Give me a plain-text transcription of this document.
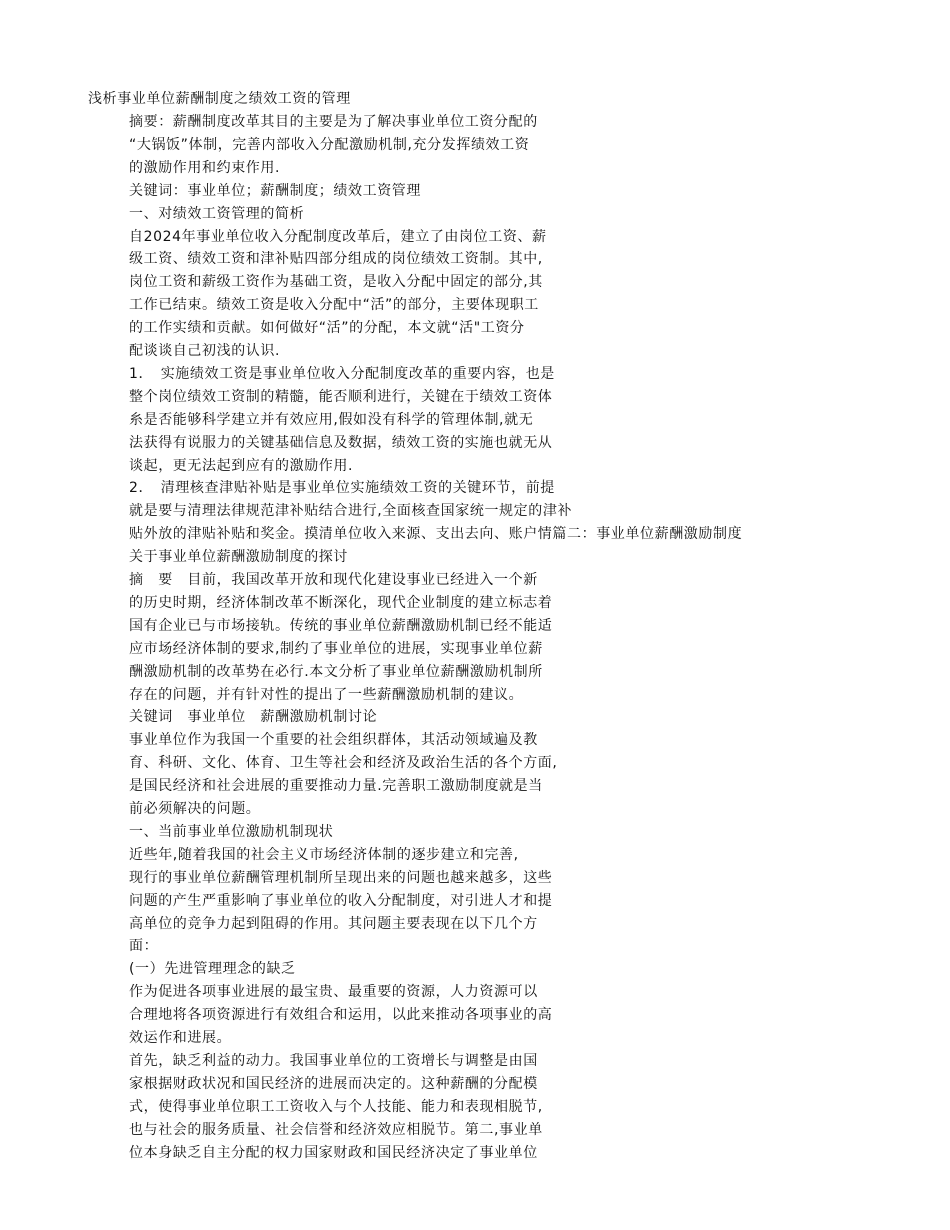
浅析事业单位薪酬制度之绩效工资的管理
摘要：薪酬制度改革其目的主要是为了解决事业单位工资分配的
“大锅饭”体制，完善内部收入分配激励机制,充分发挥绩效工资
的激励作用和约束作用.
关键词：事业单位；薪酬制度；绩效工资管理
一、对绩效工资管理的简析
自2024年事业单位收入分配制度改革后，建立了由岗位工资、薪
级工资、绩效工资和津补贴四部分组成的岗位绩效工资制。其中,
岗位工资和薪级工资作为基础工资，是收入分配中固定的部分,其
工作已结束。绩效工资是收入分配中“活”的部分，主要体现职工
的工作实绩和贡献。如何做好“活”的分配，本文就“活"工资分
配谈谈自己初浅的认识.
1．　实施绩效工资是事业单位收入分配制度改革的重要内容，也是
整个岗位绩效工资制的精髓，能否顺利进行，关键在于绩效工资体
糸是否能够科学建立并有效应用,假如没有科学的管理体制,就无
法获得有说服力的关键基础信息及数据，绩效工资的实施也就无从
谈起，更无法起到应有的激励作用.
2．　清理核查津贴补贴是事业单位实施绩效工资的关键环节，前提
就是要与清理法律规范津补贴结合进行,全面核查国家统一规定的津补
贴外放的津贴补贴和奖金。摸清单位收入来源、支出去向、账户情篇二：事业单位薪酬激励制度
关于事业单位薪酬激励制度的探讨
摘　要　目前，我国改革开放和现代化建设事业已经进入一个新
的历史时期，经济体制改革不断深化，现代企业制度的建立标志着
国有企业已与市场接轨。传统的事业单位薪酬激励机制已经不能适
应市场经济体制的要求,制约了事业单位的进展，实现事业单位薪
酬激励机制的改革势在必行.本文分析了事业单位薪酬激励机制所
存在的问题，并有针对性的提出了一些薪酬激励机制的建议。
关键词　事业单位　薪酬激励机制讨论
事业单位作为我国一个重要的社会组织群体，其活动领域遍及教
育、科研、文化、体育、卫生等社会和经济及政治生活的各个方面,
是国民经济和社会进展的重要推动力量.完善职工激励制度就是当
前必须解决的问题。
一、当前事业单位激励机制现状
近些年,随着我国的社会主义市场经济体制的逐步建立和完善,
现行的事业单位薪酬管理机制所呈现出来的问题也越来越多，这些
问题的产生严重影响了事业单位的收入分配制度，对引进人才和提
高单位的竞争力起到阻碍的作用。其问题主要表现在以下几个方
面：
(一）先进管理理念的缺乏
作为促进各项事业进展的最宝贵、最重要的资源，人力资源可以
合理地将各项资源进行有效组合和运用，以此来推动各项事业的高
效运作和进展。
首先，缺乏利益的动力。我国事业单位的工资增长与调整是由国
家根据财政状况和国民经济的进展而决定的。这种薪酬的分配模
式，使得事业单位职工工资收入与个人技能、能力和表现相脱节,
也与社会的服务质量、社会信誉和经济效应相脱节。第二,事业单
位本身缺乏自主分配的权力国家财政和国民经济决定了事业单位
